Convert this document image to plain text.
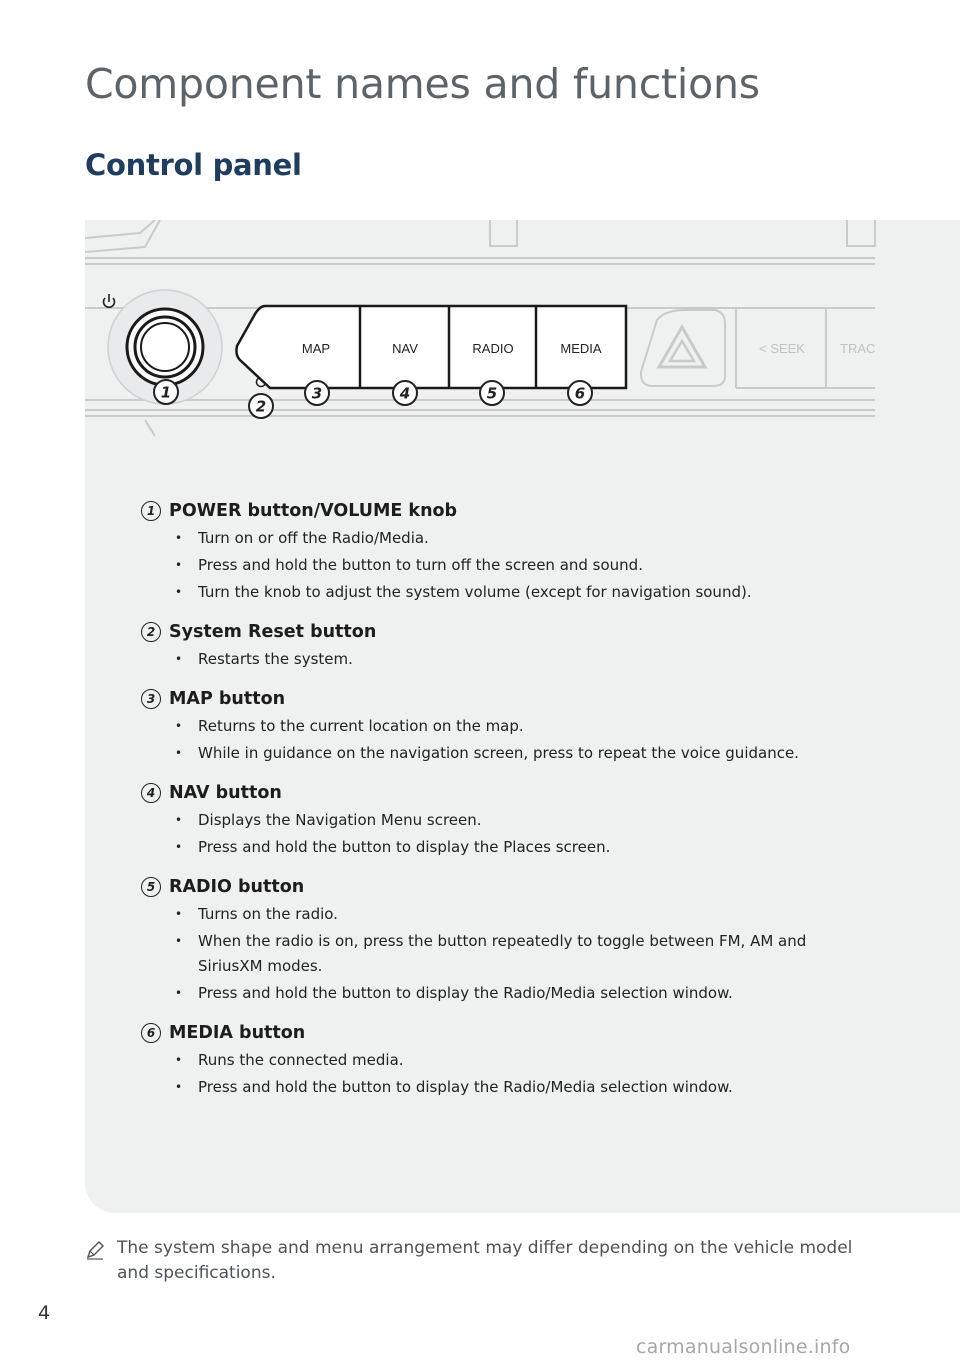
Component names and functions
Control panel
MAP	NAV	RADIO	MEDIA	< SEEK	TRAC
1
2
3	4	5	6
1 POWER button/VOLUME knob
• Turn on or off the Radio/Media.
• Press and hold the button to turn off the screen and sound.
• Turn the knob to adjust the system volume (except for navigation sound).
2 System Reset button
• Restarts the system.
3 MAP button
• Returns to the current location on the map.
• While in guidance on the navigation screen, press to repeat the voice guidance.
4 NAV button
• Displays the Navigation Menu screen.
• Press and hold the button to display the Places screen.
5 RADIO button
• Turns on the radio.
• When the radio is on, press the button repeatedly to toggle between FM, AM and SiriusXM modes.
• Press and hold the button to display the Radio/Media selection window.
6 MEDIA button
• Runs the connected media.
• Press and hold the button to display the Radio/Media selection window.
The system shape and menu arrangement may differ depending on the vehicle model and specifications.
4
carmanualsonline.info
